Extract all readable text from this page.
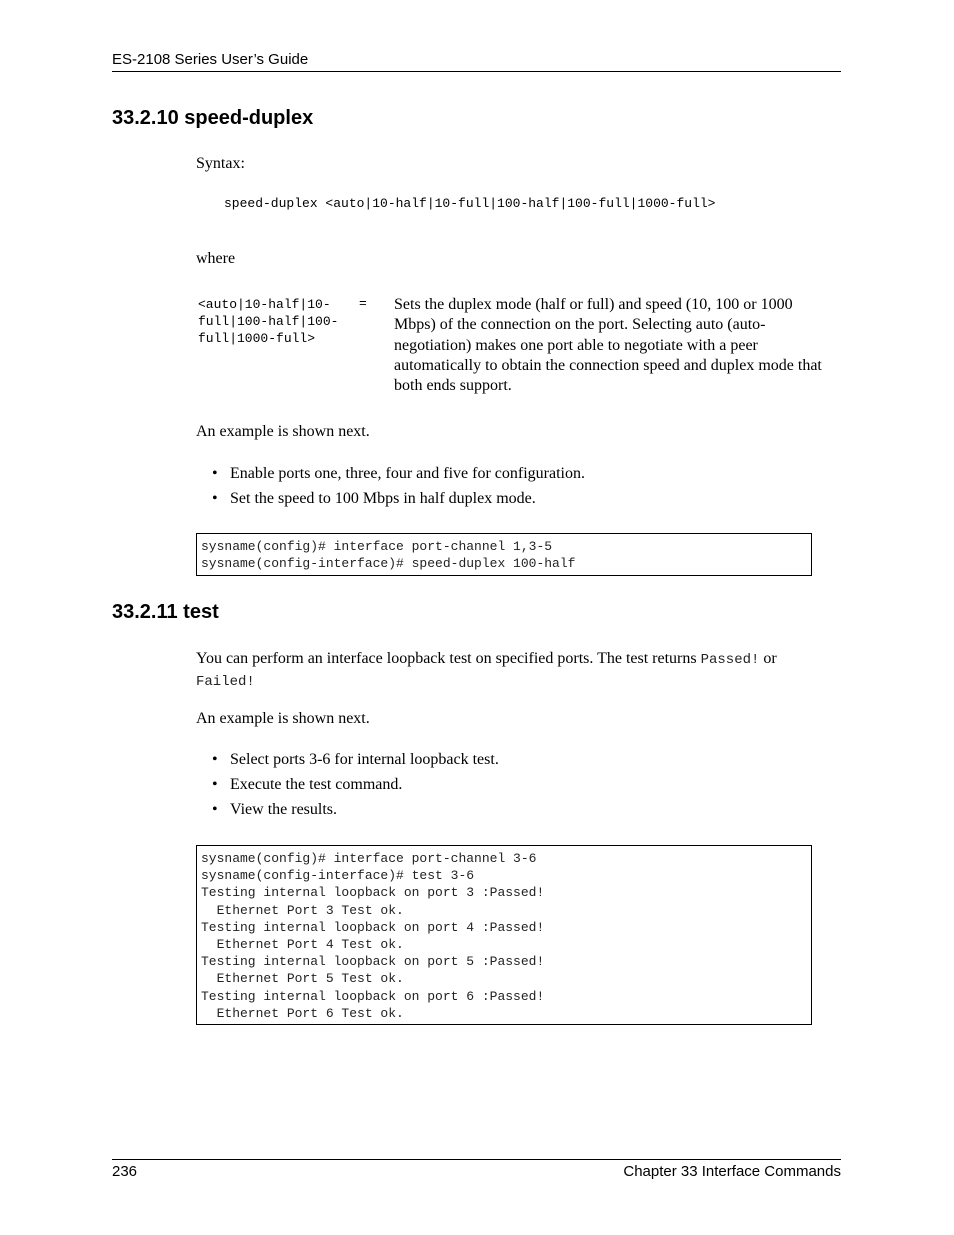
ES-2108 Series User’s Guide
33.2.10 speed-duplex
Syntax:
speed-duplex <auto|10-half|10-full|100-half|100-full|1000-full>
where
<auto|10-half|10-
full|100-half|100-
full|1000-full>
= Sets the duplex mode (half or full) and speed (10, 100 or 1000 Mbps) of the connection on the port. Selecting auto (auto-negotiation) makes one port able to negotiate with a peer automatically to obtain the connection speed and duplex mode that both ends support.
An example is shown next.
• Enable ports one, three, four and five for configuration.
• Set the speed to 100 Mbps in half duplex mode.
sysname(config)# interface port-channel 1,3-5
sysname(config-interface)# speed-duplex 100-half
33.2.11 test
You can perform an interface loopback test on specified ports. The test returns Passed! or
Failed!
An example is shown next.
• Select ports 3-6 for internal loopback test.
• Execute the test command.
• View the results.
sysname(config)# interface port-channel 3-6
sysname(config-interface)# test 3-6
Testing internal loopback on port 3 :Passed!
Ethernet Port 3 Test ok.
Testing internal loopback on port 4 :Passed!
Ethernet Port 4 Test ok.
Testing internal loopback on port 5 :Passed!
Ethernet Port 5 Test ok.
Testing internal loopback on port 6 :Passed!
Ethernet Port 6 Test ok.
236	Chapter 33 Interface Commands
